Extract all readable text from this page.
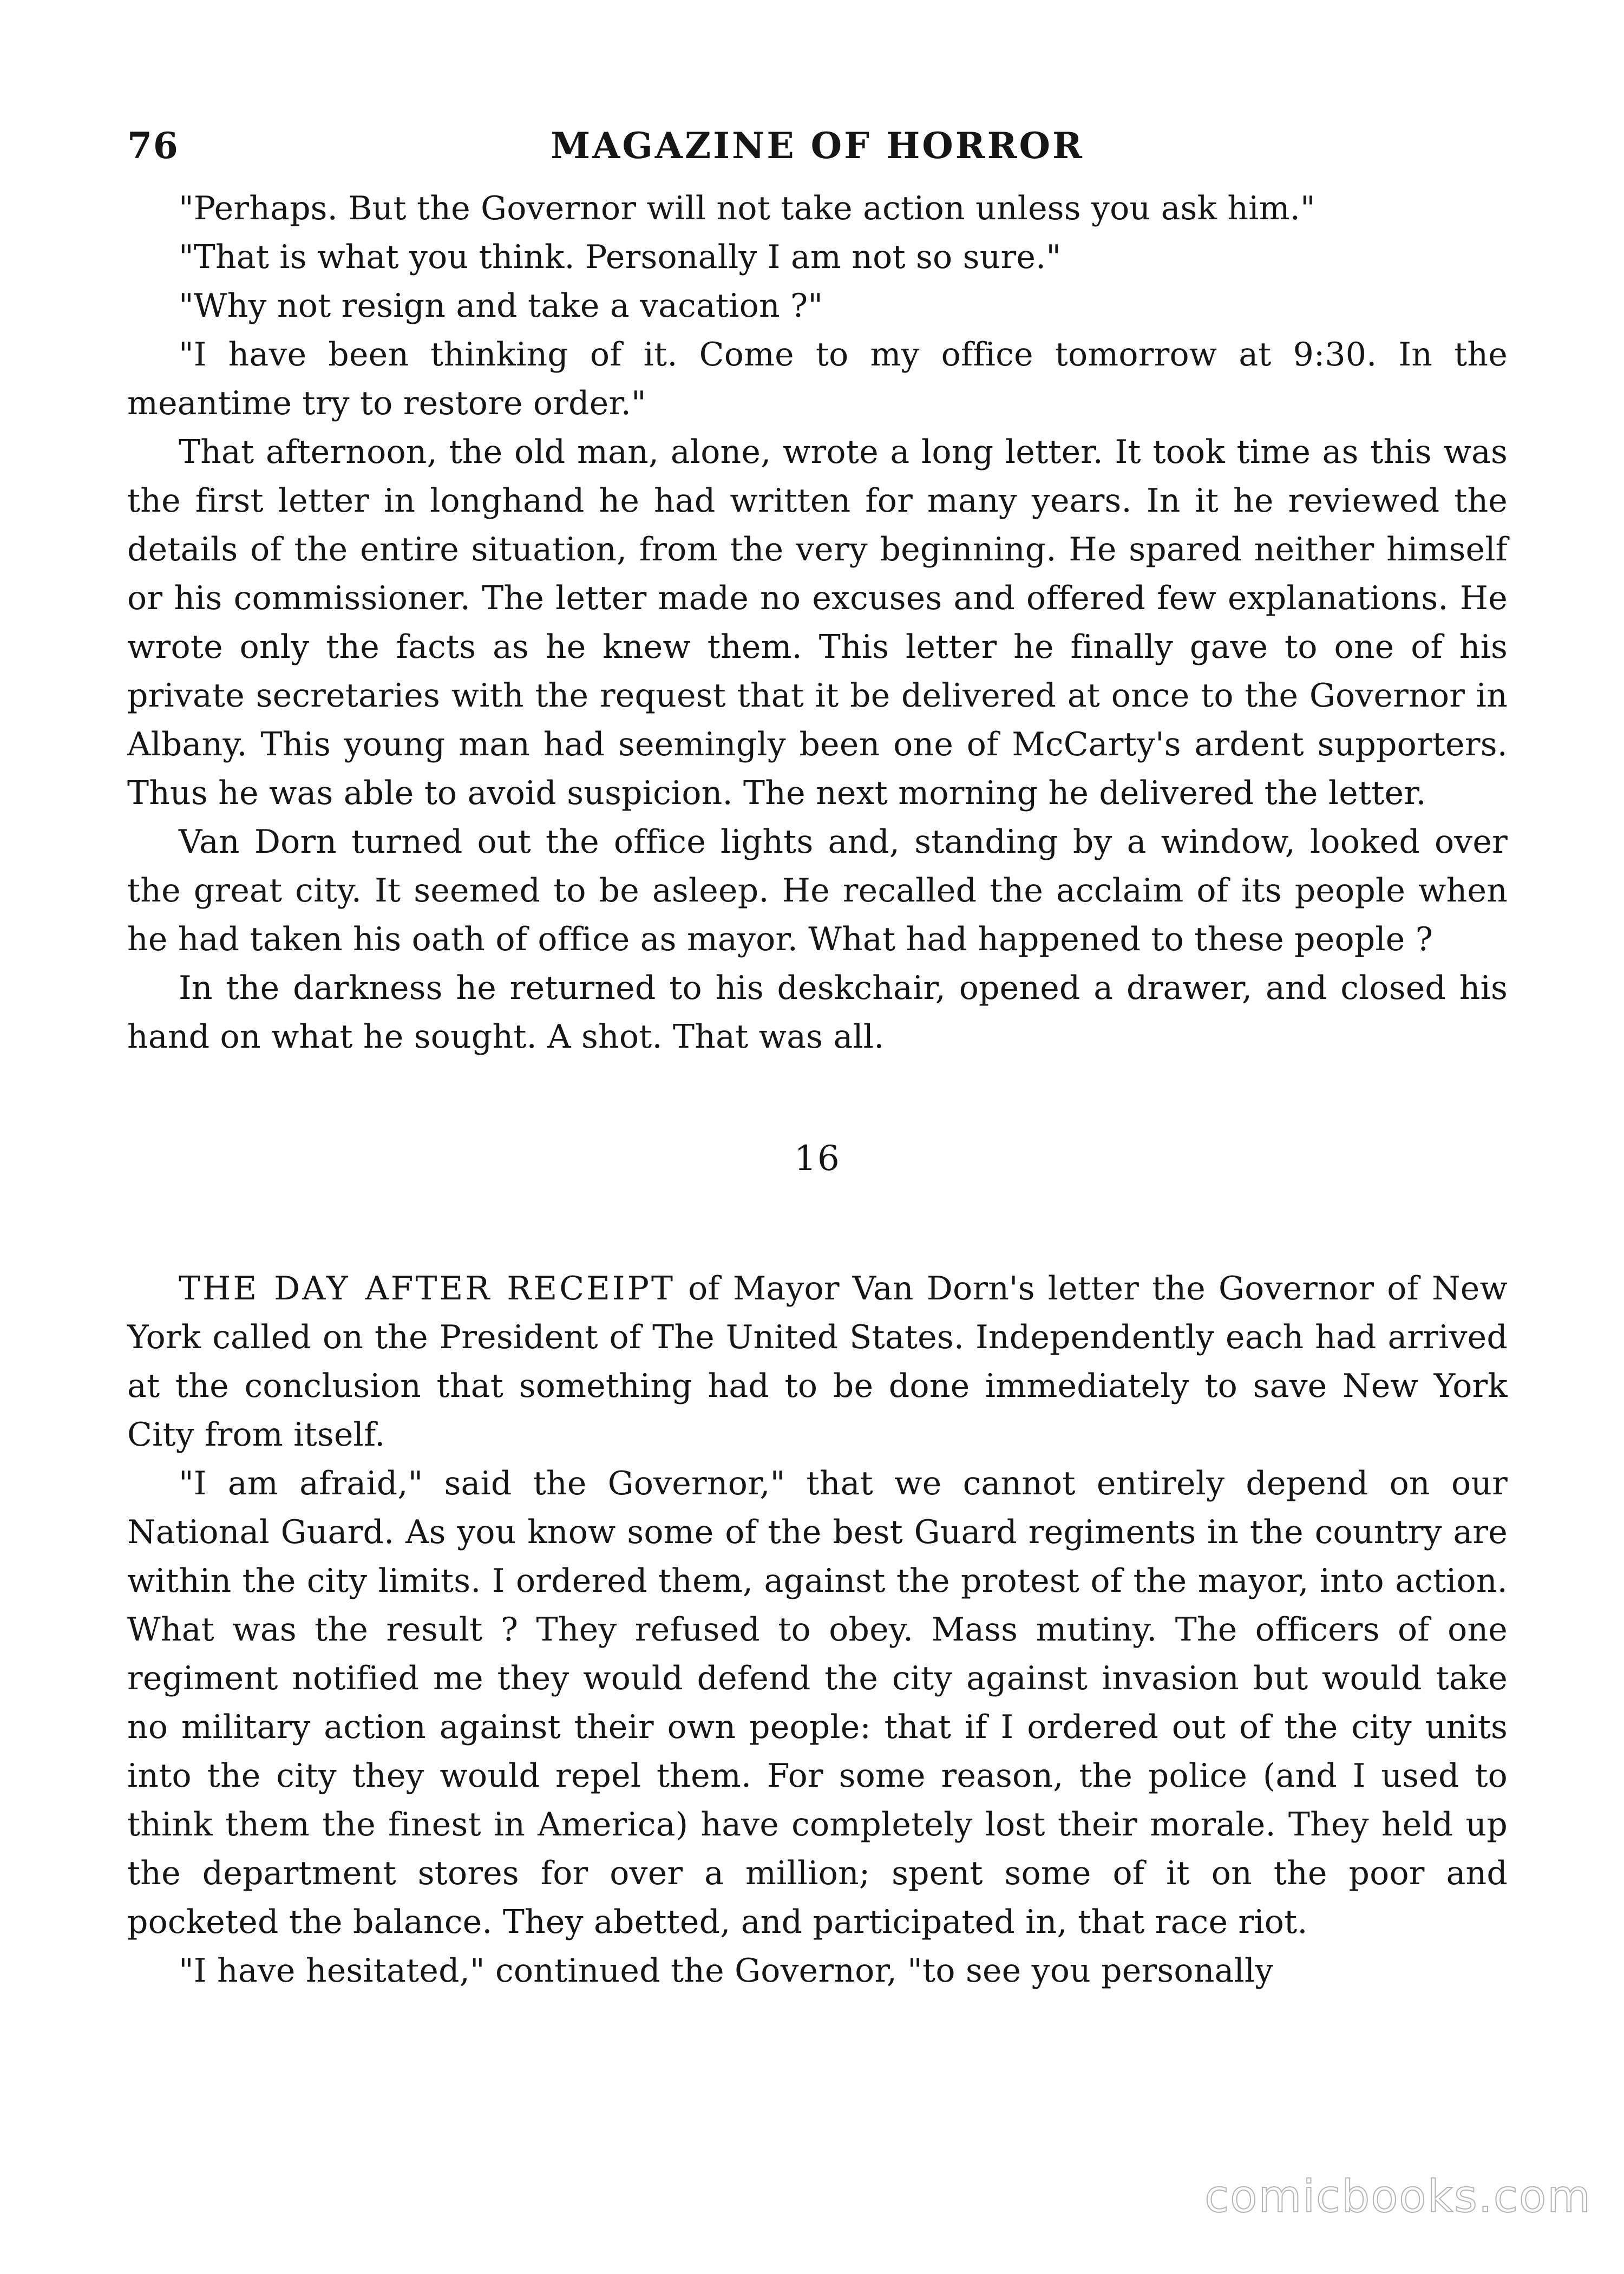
76	MAGAZINE OF HORROR

"Perhaps. But the Governor will not take action unless you ask him."

"That is what you think. Personally I am not so sure."

"Why not resign and take a vacation ?"

"I have been thinking of it. Come to my office tomorrow at 9:30. In the meantime try to restore order."

That afternoon, the old man, alone, wrote a long letter. It took time as this was the first letter in longhand he had written for many years. In it he reviewed the details of the entire situation, from the very beginning. He spared neither himself or his commissioner. The letter made no excuses and offered few explanations. He wrote only the facts as he knew them. This letter he finally gave to one of his private secretaries with the request that it be delivered at once to the Governor in Albany. This young man had seemingly been one of McCarty's ardent supporters. Thus he was able to avoid suspicion. The next morning he delivered the letter.

Van Dorn turned out the office lights and, standing by a window, looked over the great city. It seemed to be asleep. He recalled the acclaim of its people when he had taken his oath of office as mayor. What had happened to these people ?

In the darkness he returned to his deskchair, opened a drawer, and closed his hand on what he sought. A shot. That was all.

16

THE DAY AFTER RECEIPT of Mayor Van Dorn's letter the Governor of New York called on the President of The United States. Independently each had arrived at the conclusion that something had to be done immediately to save New York City from itself.

"I am afraid," said the Governor," that we cannot entirely depend on our National Guard. As you know some of the best Guard regiments in the country are within the city limits. I ordered them, against the protest of the mayor, into action. What was the result ? They refused to obey. Mass mutiny. The officers of one regiment notified me they would defend the city against invasion but would take no military action against their own people: that if I ordered out of the city units into the city they would repel them. For some reason, the police (and I used to think them the finest in America) have completely lost their morale. They held up the department stores for over a million; spent some of it on the poor and pocketed the balance. They abetted, and participated in, that race riot.

"I have hesitated," continued the Governor, "to see you personally

comicbooks.com
